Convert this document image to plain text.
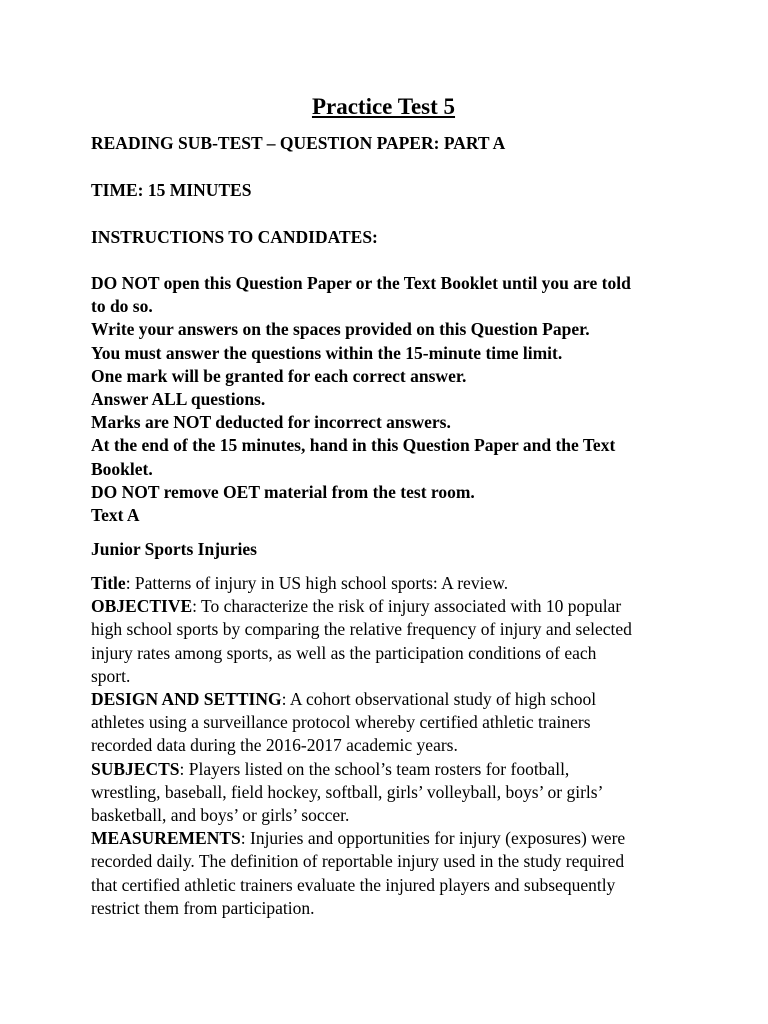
Practice Test 5
READING SUB-TEST – QUESTION PAPER: PART A
TIME: 15 MINUTES
INSTRUCTIONS TO CANDIDATES:
DO NOT open this Question Paper or the Text Booklet until you are told
to do so.
Write your answers on the spaces provided on this Question Paper.
You must answer the questions within the 15-minute time limit.
One mark will be granted for each correct answer.
Answer ALL questions.
Marks are NOT deducted for incorrect answers.
At the end of the 15 minutes, hand in this Question Paper and the Text
Booklet.
DO NOT remove OET material from the test room.
Text A
Junior Sports Injuries
Title: Patterns of injury in US high school sports: A review.
OBJECTIVE: To characterize the risk of injury associated with 10 popular
high school sports by comparing the relative frequency of injury and selected
injury rates among sports, as well as the participation conditions of each
sport.
DESIGN AND SETTING: A cohort observational study of high school
athletes using a surveillance protocol whereby certified athletic trainers
recorded data during the 2016-2017 academic years.
SUBJECTS: Players listed on the school’s team rosters for football,
wrestling, baseball, field hockey, softball, girls’ volleyball, boys’ or girls’
basketball, and boys’ or girls’ soccer.
MEASUREMENTS: Injuries and opportunities for injury (exposures) were
recorded daily. The definition of reportable injury used in the study required
that certified athletic trainers evaluate the injured players and subsequently
restrict them from participation.
